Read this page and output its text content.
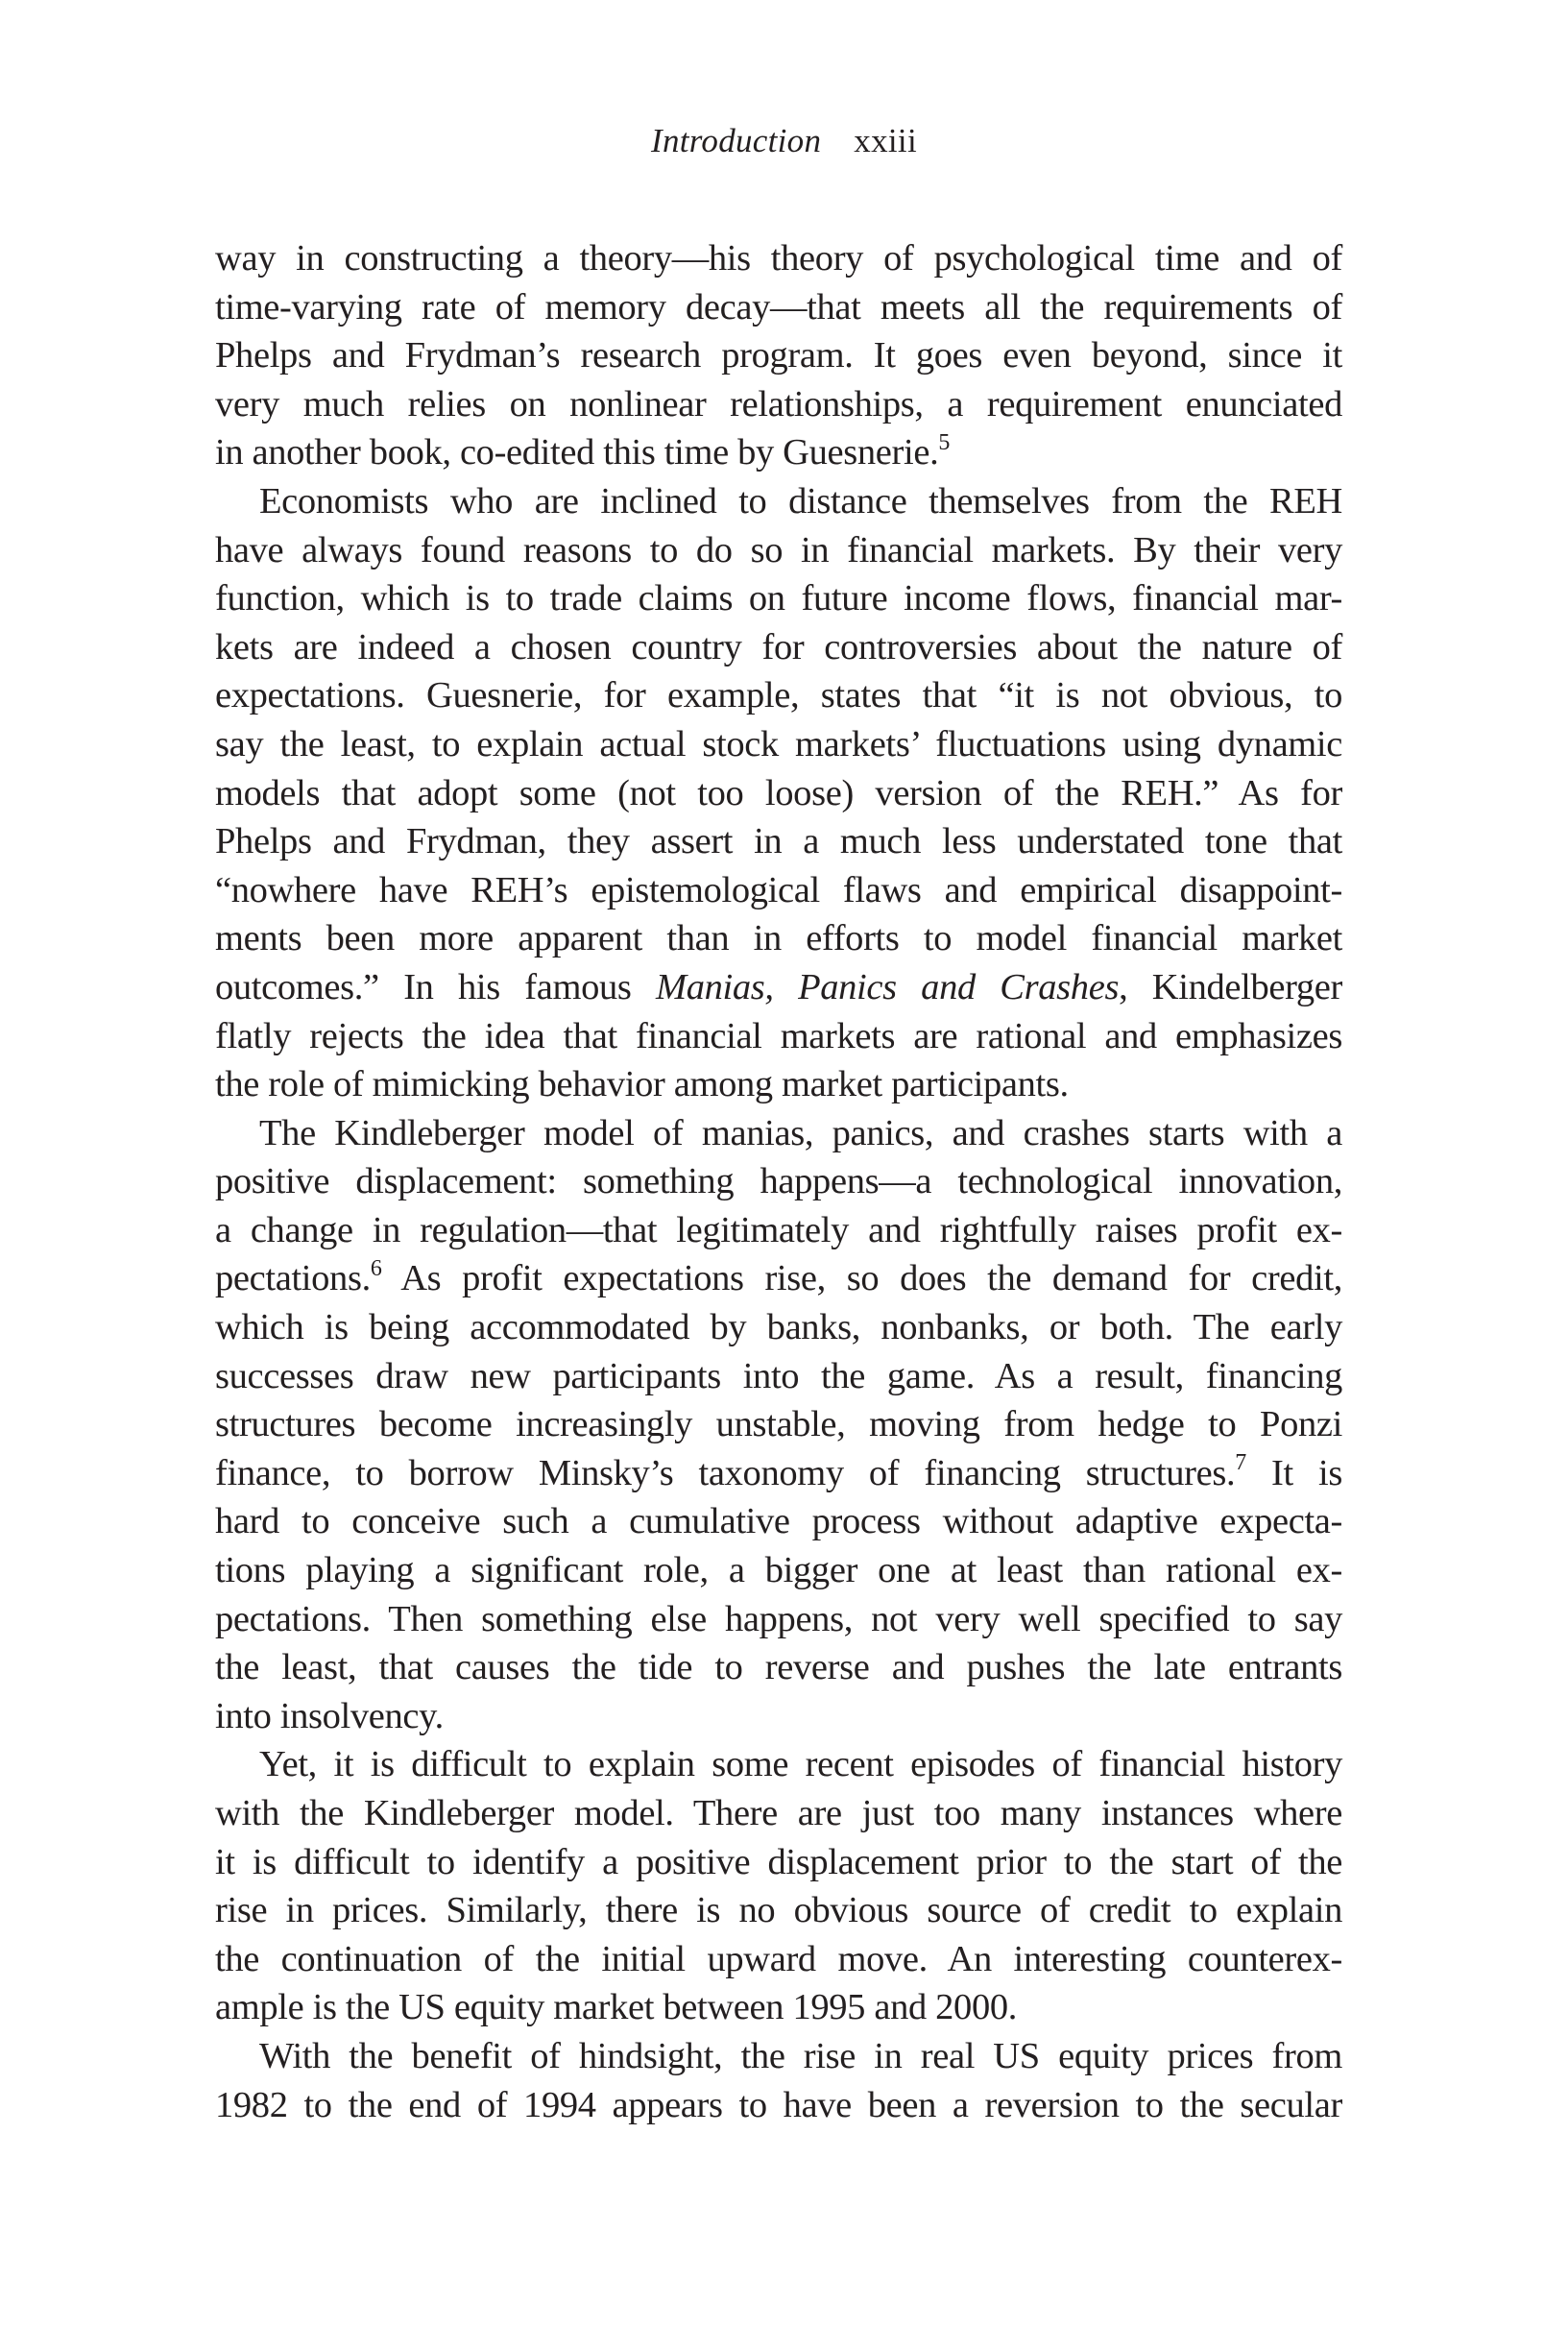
Introduction xxiii
way in constructing a theory—his theory of psychological time and of
time-varying rate of memory decay—that meets all the requirements of
Phelps and Frydman’s research program. It goes even beyond, since it
very much relies on nonlinear relationships, a requirement enunciated
in another book, co-edited this time by Guesnerie.$^5$
Economists who are inclined to distance themselves from the REH
have always found reasons to do so in financial markets. By their very
function, which is to trade claims on future income flows, financial mar-
kets are indeed a chosen country for controversies about the nature of
expectations. Guesnerie, for example, states that “it is not obvious, to
say the least, to explain actual stock markets’ fluctuations using dynamic
models that adopt some (not too loose) version of the REH.” As for
Phelps and Frydman, they assert in a much less understated tone that
“nowhere have REH’s epistemological flaws and empirical disappoint-
ments been more apparent than in efforts to model financial market
outcomes.” In his famous Manias, Panics and Crashes, Kindelberger
flatly rejects the idea that financial markets are rational and emphasizes
the role of mimicking behavior among market participants.
The Kindleberger model of manias, panics, and crashes starts with a
positive displacement: something happens—a technological innovation,
a change in regulation—that legitimately and rightfully raises profit ex-
pectations.$^6$ As profit expectations rise, so does the demand for credit,
which is being accommodated by banks, nonbanks, or both. The early
successes draw new participants into the game. As a result, financing
structures become increasingly unstable, moving from hedge to Ponzi
finance, to borrow Minsky’s taxonomy of financing structures.$^7$ It is
hard to conceive such a cumulative process without adaptive expecta-
tions playing a significant role, a bigger one at least than rational ex-
pectations. Then something else happens, not very well specified to say
the least, that causes the tide to reverse and pushes the late entrants
into insolvency.
Yet, it is difficult to explain some recent episodes of financial history
with the Kindleberger model. There are just too many instances where
it is difficult to identify a positive displacement prior to the start of the
rise in prices. Similarly, there is no obvious source of credit to explain
the continuation of the initial upward move. An interesting counterex-
ample is the US equity market between 1995 and 2000.
With the benefit of hindsight, the rise in real US equity prices from
1982 to the end of 1994 appears to have been a reversion to the secular
